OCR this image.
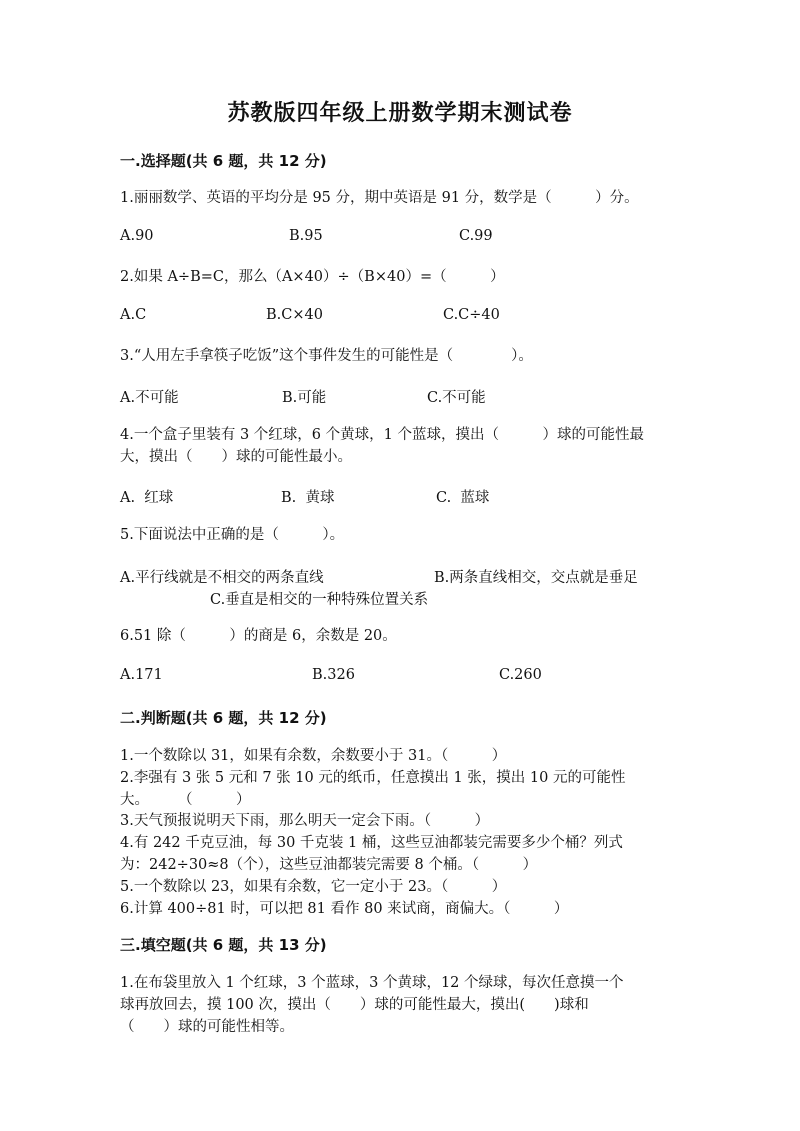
苏教版四年级上册数学期末测试卷
一.选择题(共 6 题，共 12 分)
1.丽丽数学、英语的平均分是 95 分，期中英语是 91 分，数学是（　　　）分。
A.90	B.95	C.99
2.如果 A÷B=C，那么（A×40）÷（B×40）=（　　　）
A.C	B.C×40	C.C÷40
3.“人用左手拿筷子吃饭”这个事件发生的可能性是（　　　　）。
A.不可能	B.可能	C.不可能
4.一个盒子里装有 3 个红球，6 个黄球，1 个蓝球，摸出（　　　）球的可能性最
大，摸出（　　）球的可能性最小。
A.  红球	B.  黄球	C.  蓝球
5.下面说法中正确的是（　　　）。
A.平行线就是不相交的两条直线	B.两条直线相交，交点就是垂足
C.垂直是相交的一种特殊位置关系
6.51 除（　　　）的商是 6，余数是 20。
A.171	B.326	C.260
二.判断题(共 6 题，共 12 分)
1.一个数除以 31，如果有余数，余数要小于 31。（　　　）
2.李强有 3 张 5 元和 7 张 10 元的纸币，任意摸出 1 张，摸出 10 元的可能性
大。　　　（　　　）
3.天气预报说明天下雨，那么明天一定会下雨。（　　　）
4.有 242 千克豆油，每 30 千克装 1 桶，这些豆油都装完需要多少个桶？列式
为：242÷30≈8（个），这些豆油都装完需要 8 个桶。（　　　）
5.一个数除以 23，如果有余数，它一定小于 23。（　　　）
6.计算 400÷81 时，可以把 81 看作 80 来试商，商偏大。（　　　）
三.填空题(共 6 题，共 13 分)
1.在布袋里放入 1 个红球，3 个蓝球，3 个黄球，12 个绿球，每次任意摸一个
球再放回去，摸 100 次，摸出（　　）球的可能性最大，摸出(　　)球和
（　　）球的可能性相等。
